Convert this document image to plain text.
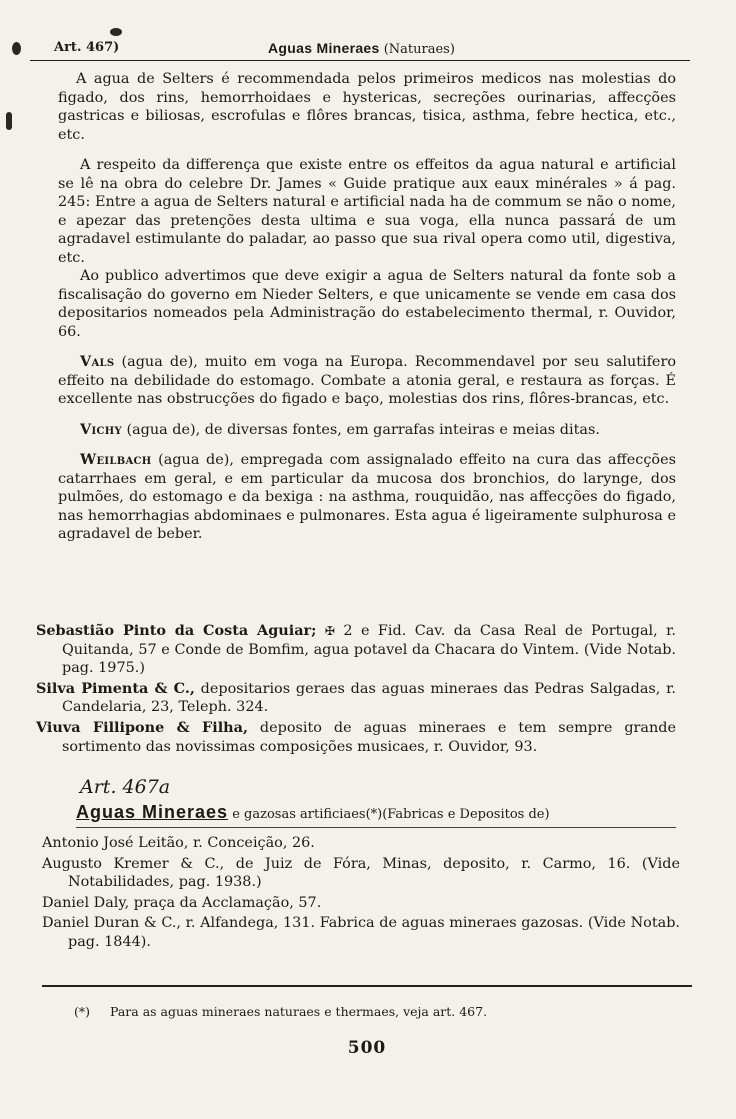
Art. 467)	Aguas Mineraes (Naturaes)

A agua de Selters é recommendada pelos primeiros medicos nas molestias do figado, dos rins, hemorrhoidaes e hystericas, secreções ourinarias, affecções gastricas e biliosas, escrofulas e flôres brancas, tisica, asthma, febre hectica, etc., etc.

A respeito da differença que existe entre os effeitos da agua natural e artificial se lê na obra do celebre Dr. James « Guide pratique aux eaux minérales » á pag. 245: Entre a agua de Selters natural e artificial nada ha de commum se não o nome, e apezar das pretenções desta ultima e sua voga, ella nunca passará de um agradavel estimulante do paladar, ao passo que sua rival opera como util, digestiva, etc.

Ao publico advertimos que deve exigir a agua de Selters natural da fonte sob a fiscalisação do governo em Nieder Selters, e que unicamente se vende em casa dos depositarios nomeados pela Administração do estabelecimento thermal, r. Ouvidor, 66.

Vals (agua de), muito em voga na Europa. Recommendavel por seu salutifero effeito na debilidade do estomago. Combate a atonia geral, e restaura as forças. É excellente nas obstrucções do figado e baço, molestias dos rins, flôres-brancas, etc.

Vichy (agua de), de diversas fontes, em garrafas inteiras e meias ditas.

Weilbach (agua de), empregada com assignalado effeito na cura das affecções catarrhaes em geral, e em particular da mucosa dos bronchios, do larynge, dos pulmões, do estomago e da bexiga : na asthma, rouquidão, nas affecções do figado, nas hemorrhagias abdominaes e pulmonares. Esta agua é ligeiramente sulphurosa e agradavel de beber.

Sebastião Pinto da Costa Aguiar; ✠ 2 e Fid. Cav. da Casa Real de Portugal, r. Quitanda, 57 e Conde de Bomfim, agua potavel da Chacara do Vintem. (Vide Notab. pag. 1975.)

Silva Pimenta & C., depositarios geraes das aguas mineraes das Pedras Salgadas, r. Candelaria, 23, Teleph. 324.

Viuva Fillipone & Filha, deposito de aguas mineraes e tem sempre grande sortimento das novissimas composições musicaes, r. Ouvidor, 93.

Art. 467a
Aguas Mineraes e gazosas artificiaes(*)(Fabricas e Depositos de)

Antonio José Leitão, r. Conceição, 26.

Augusto Kremer & C., de Juiz de Fóra, Minas, deposito, r. Carmo, 16. (Vide Notabilidades, pag. 1938.)

Daniel Daly, praça da Acclamação, 57.

Daniel Duran & C., r. Alfandega, 131. Fabrica de aguas mineraes gazosas. (Vide Notab. pag. 1844).

(*) Para as aguas mineraes naturaes e thermaes, veja art. 467.
500
